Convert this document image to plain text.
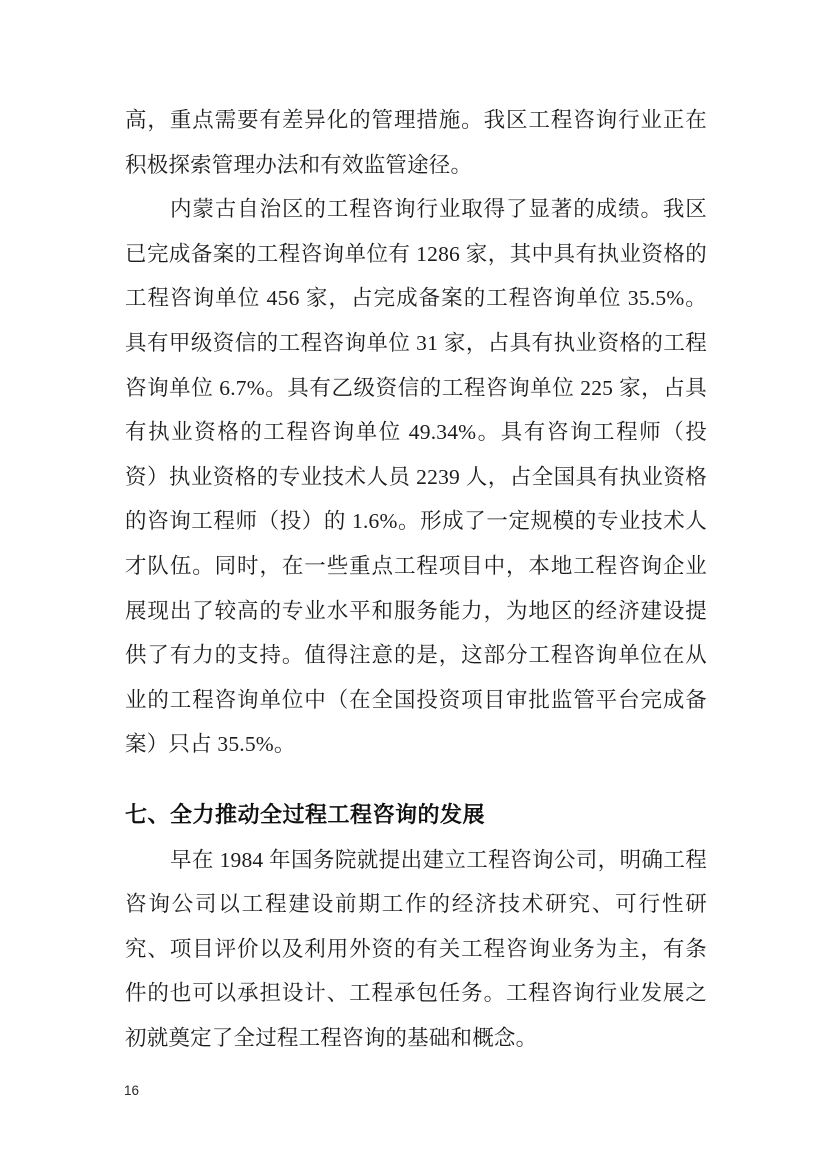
高，重点需要有差异化的管理措施。我区工程咨询行业正在积极探索管理办法和有效监管途径。

内蒙古自治区的工程咨询行业取得了显著的成绩。我区已完成备案的工程咨询单位有 1286 家，其中具有执业资格的工程咨询单位 456 家，占完成备案的工程咨询单位 35.5%。具有甲级资信的工程咨询单位 31 家，占具有执业资格的工程咨询单位 6.7%。具有乙级资信的工程咨询单位 225 家，占具有执业资格的工程咨询单位 49.34%。具有咨询工程师（投资）执业资格的专业技术人员 2239 人，占全国具有执业资格的咨询工程师（投）的 1.6%。形成了一定规模的专业技术人才队伍。同时，在一些重点工程项目中，本地工程咨询企业展现出了较高的专业水平和服务能力，为地区的经济建设提供了有力的支持。值得注意的是，这部分工程咨询单位在从业的工程咨询单位中（在全国投资项目审批监管平台完成备案）只占 35.5%。

七、全力推动全过程工程咨询的发展

早在 1984 年国务院就提出建立工程咨询公司，明确工程咨询公司以工程建设前期工作的经济技术研究、可行性研究、项目评价以及利用外资的有关工程咨询业务为主，有条件的也可以承担设计、工程承包任务。工程咨询行业发展之初就奠定了全过程工程咨询的基础和概念。

16
